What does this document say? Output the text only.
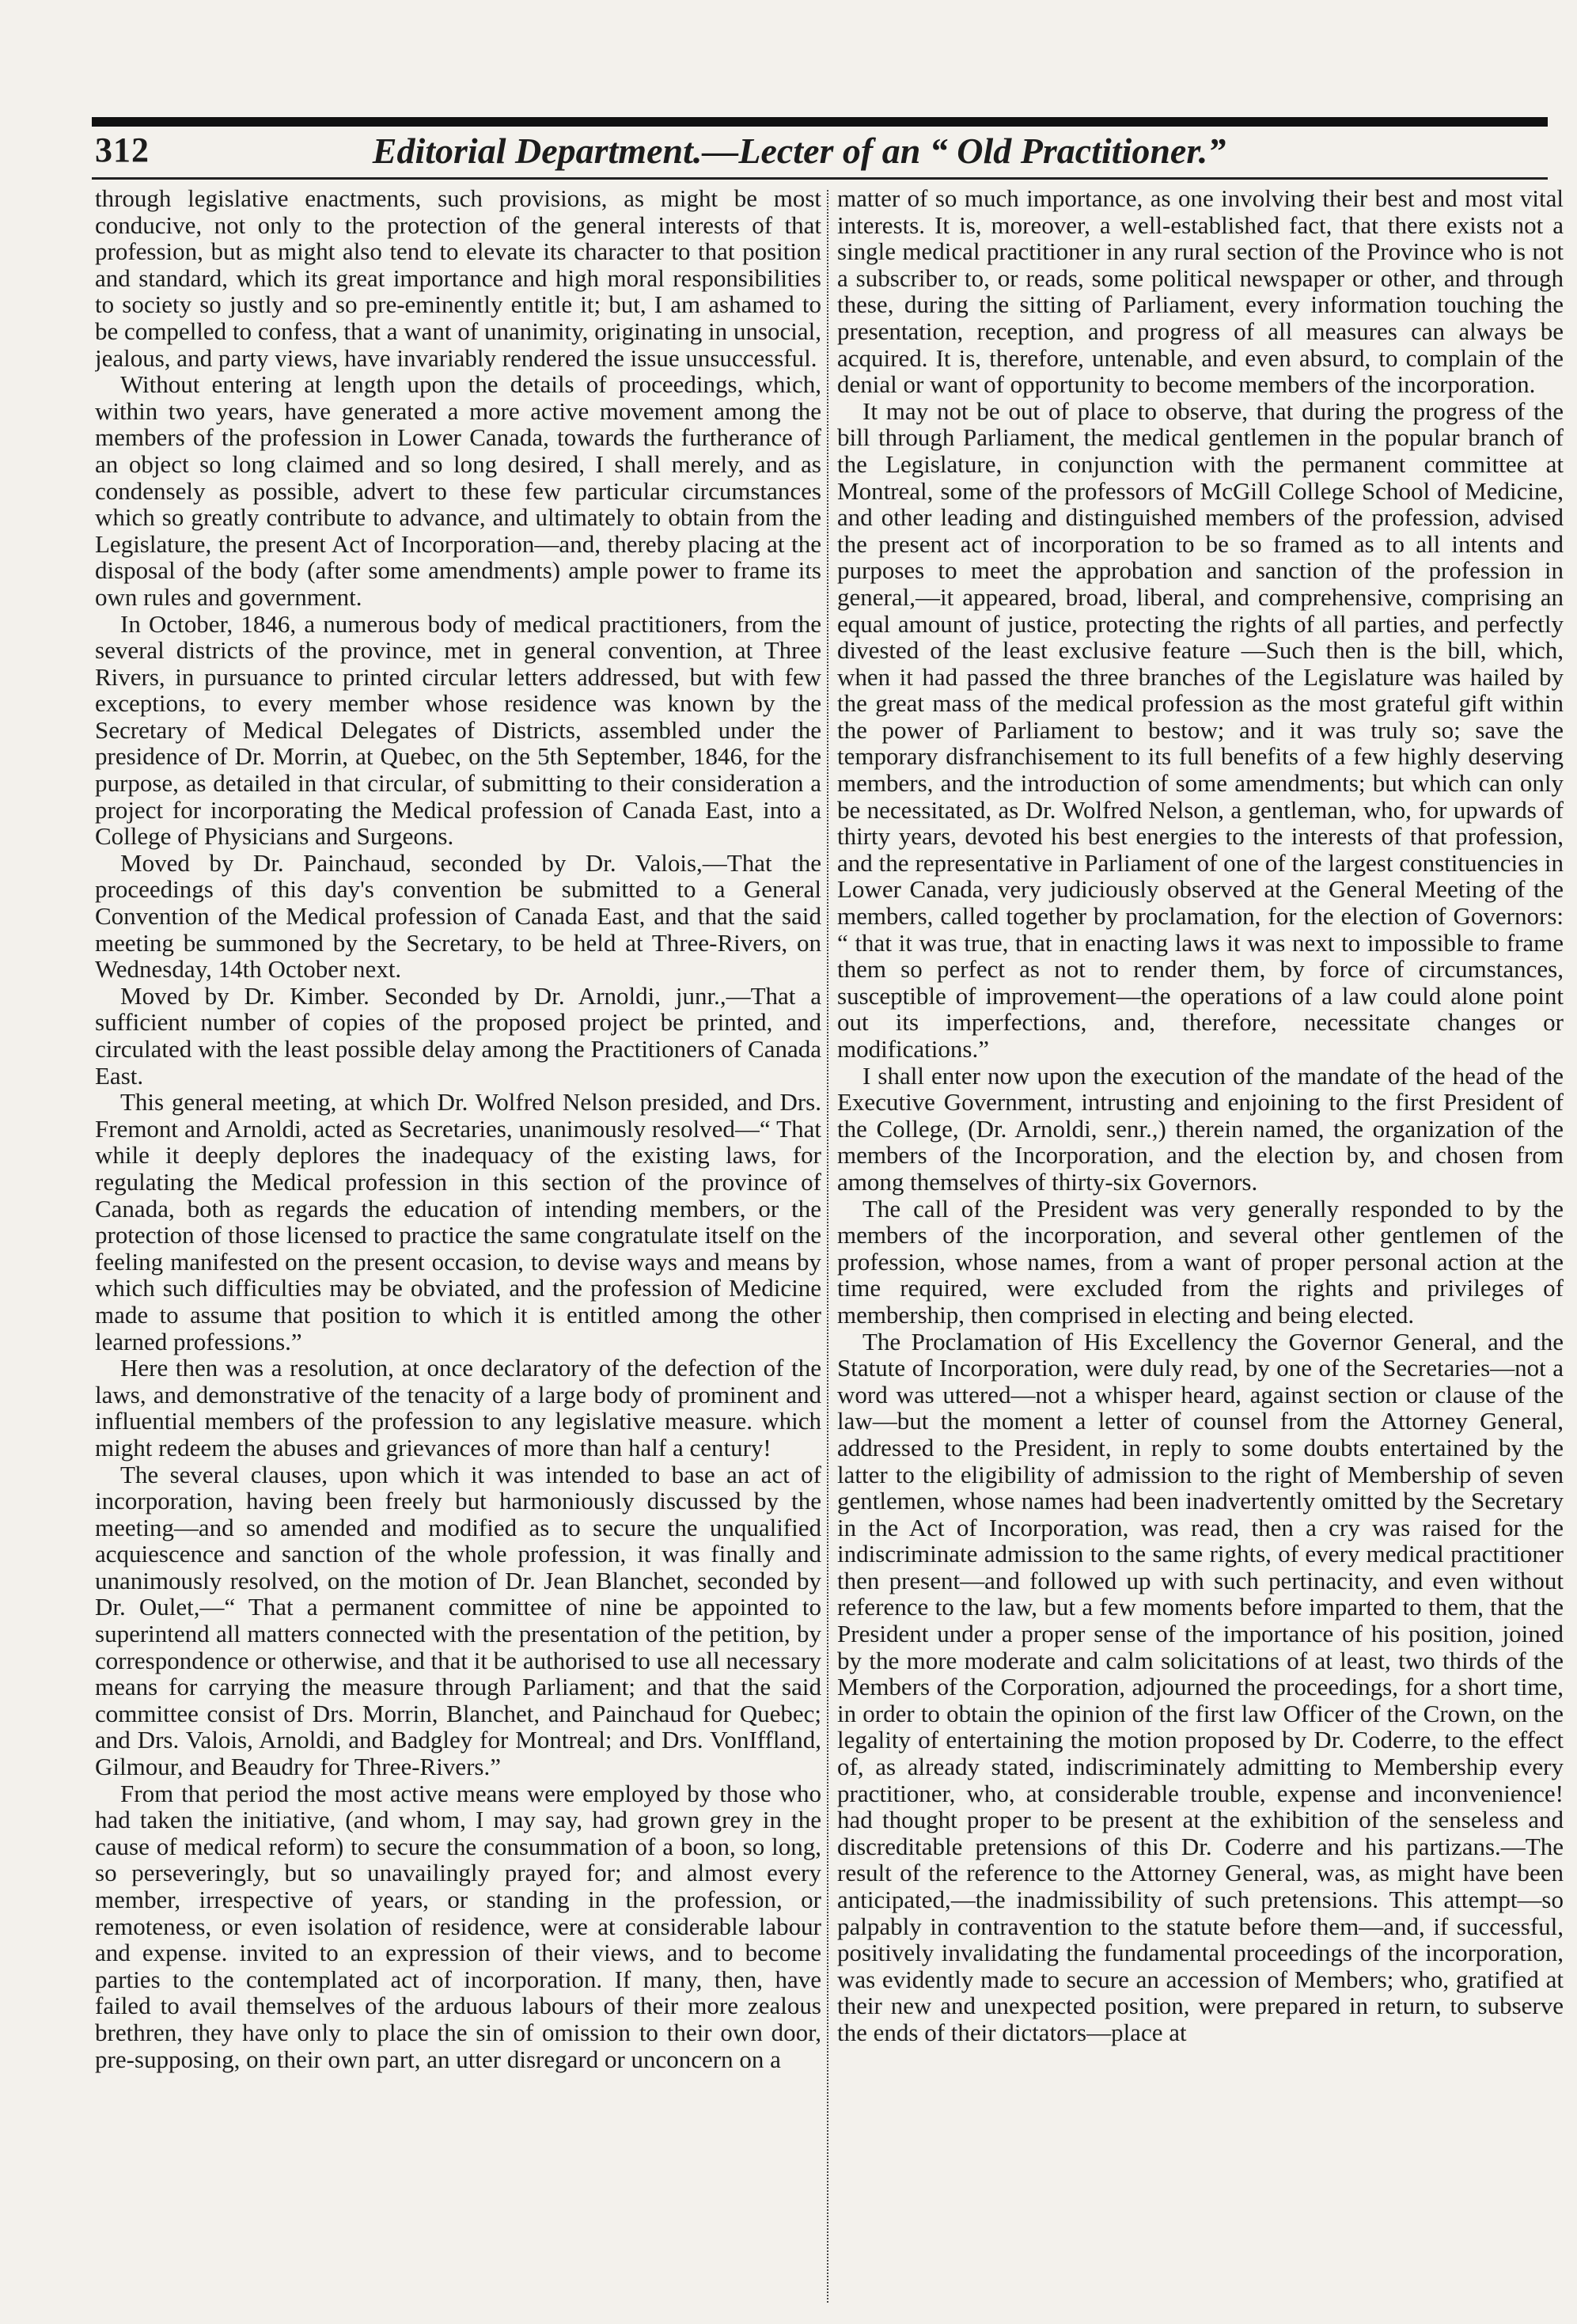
312	Editorial Department.—Lecter of an “ Old Practitioner.”

through legislative enactments, such provisions, as might be most conducive, not only to the protection of the general interests of that profession, but as might also tend to elevate its character to that position and standard, which its great importance and high moral responsibilities to society so justly and so pre-eminently entitle it; but, I am ashamed to be compelled to confess, that a want of unanimity, originating in unsocial, jealous, and party views, have invariably rendered the issue unsuccessful.

Without entering at length upon the details of proceedings, which, within two years, have generated a more active movement among the members of the profession in Lower Canada, towards the furtherance of an object so long claimed and so long desired, I shall merely, and as condensely as possible, advert to these few particular circumstances which so greatly contribute to advance, and ultimately to obtain from the Legislature, the present Act of Incorporation—and, thereby placing at the disposal of the body (after some amendments) ample power to frame its own rules and government.

In October, 1846, a numerous body of medical practitioners, from the several districts of the province, met in general convention, at Three Rivers, in pursuance to printed circular letters addressed, but with few exceptions, to every member whose residence was known by the Secretary of Medical Delegates of Districts, assembled under the presidence of Dr. Morrin, at Quebec, on the 5th September, 1846, for the purpose, as detailed in that circular, of submitting to their consideration a project for incorporating the Medical profession of Canada East, into a College of Physicians and Surgeons.

Moved by Dr. Painchaud, seconded by Dr. Valois,—That the proceedings of this day's convention be submitted to a General Convention of the Medical profession of Canada East, and that the said meeting be summoned by the Secretary, to be held at Three-Rivers, on Wednesday, 14th October next.

Moved by Dr. Kimber. Seconded by Dr. Arnoldi, junr.,—That a sufficient number of copies of the proposed project be printed, and circulated with the least possible delay among the Practitioners of Canada East.

This general meeting, at which Dr. Wolfred Nelson presided, and Drs. Fremont and Arnoldi, acted as Secretaries, unanimously resolved—“ That while it deeply deplores the inadequacy of the existing laws, for regulating the Medical profession in this section of the province of Canada, both as regards the education of intending members, or the protection of those licensed to practice the same congratulate itself on the feeling manifested on the present occasion, to devise ways and means by which such difficulties may be obviated, and the profession of Medicine made to assume that position to which it is entitled among the other learned professions.”

Here then was a resolution, at once declaratory of the defection of the laws, and demonstrative of the tenacity of a large body of prominent and influential members of the profession to any legislative measure. which might redeem the abuses and grievances of more than half a century!

The several clauses, upon which it was intended to base an act of incorporation, having been freely but harmoniously discussed by the meeting—and so amended and modified as to secure the unqualified acquiescence and sanction of the whole profession, it was finally and unanimously resolved, on the motion of Dr. Jean Blanchet, seconded by Dr. Oulet,—“ That a permanent committee of nine be appointed to superintend all matters connected with the presentation of the petition, by correspondence or otherwise, and that it be authorised to use all necessary means for carrying the measure through Parliament; and that the said committee consist of Drs. Morrin, Blanchet, and Painchaud for Quebec; and Drs. Valois, Arnoldi, and Badgley for Montreal; and Drs. VonIffland, Gilmour, and Beaudry for Three-Rivers.”

From that period the most active means were employed by those who had taken the initiative, (and whom, I may say, had grown grey in the cause of medical reform) to secure the consummation of a boon, so long, so perseveringly, but so unavailingly prayed for; and almost every member, irrespective of years, or standing in the profession, or remoteness, or even isolation of residence, were at considerable labour and expense. invited to an expression of their views, and to become parties to the contemplated act of incorporation. If many, then, have failed to avail themselves of the arduous labours of their more zealous brethren, they have only to place the sin of omission to their own door, pre-supposing, on their own part, an utter disregard or unconcern on a

matter of so much importance, as one involving their best and most vital interests. It is, moreover, a well-established fact, that there exists not a single medical practitioner in any rural section of the Province who is not a subscriber to, or reads, some political newspaper or other, and through these, during the sitting of Parliament, every information touching the presentation, reception, and progress of all measures can always be acquired. It is, therefore, untenable, and even absurd, to complain of the denial or want of opportunity to become members of the incorporation.

It may not be out of place to observe, that during the progress of the bill through Parliament, the medical gentlemen in the popular branch of the Legislature, in conjunction with the permanent committee at Montreal, some of the professors of McGill College School of Medicine, and other leading and distinguished members of the profession, advised the present act of incorporation to be so framed as to all intents and purposes to meet the approbation and sanction of the profession in general,—it appeared, broad, liberal, and comprehensive, comprising an equal amount of justice, protecting the rights of all parties, and perfectly divested of the least exclusive feature —Such then is the bill, which, when it had passed the three branches of the Legislature was hailed by the great mass of the medical profession as the most grateful gift within the power of Parliament to bestow; and it was truly so; save the temporary disfranchisement to its full benefits of a few highly deserving members, and the introduction of some amendments; but which can only be necessitated, as Dr. Wolfred Nelson, a gentleman, who, for upwards of thirty years, devoted his best energies to the interests of that profession, and the representative in Parliament of one of the largest constituencies in Lower Canada, very judiciously observed at the General Meeting of the members, called together by proclamation, for the election of Governors: “ that it was true, that in enacting laws it was next to impossible to frame them so perfect as not to render them, by force of circumstances, susceptible of improvement—the operations of a law could alone point out its imperfections, and, therefore, necessitate changes or modifications.”

I shall enter now upon the execution of the mandate of the head of the Executive Government, intrusting and enjoining to the first President of the College, (Dr. Arnoldi, senr.,) therein named, the organization of the members of the Incorporation, and the election by, and chosen from among themselves of thirty-six Governors.

The call of the President was very generally responded to by the members of the incorporation, and several other gentlemen of the profession, whose names, from a want of proper personal action at the time required, were excluded from the rights and privileges of membership, then comprised in electing and being elected.

The Proclamation of His Excellency the Governor General, and the Statute of Incorporation, were duly read, by one of the Secretaries—not a word was uttered—not a whisper heard, against section or clause of the law—but the moment a letter of counsel from the Attorney General, addressed to the President, in reply to some doubts entertained by the latter to the eligibility of admission to the right of Membership of seven gentlemen, whose names had been inadvertently omitted by the Secretary in the Act of Incorporation, was read, then a cry was raised for the indiscriminate admission to the same rights, of every medical practitioner then present—and followed up with such pertinacity, and even without reference to the law, but a few moments before imparted to them, that the President under a proper sense of the importance of his position, joined by the more moderate and calm solicitations of at least, two thirds of the Members of the Corporation, adjourned the proceedings, for a short time, in order to obtain the opinion of the first law Officer of the Crown, on the legality of entertaining the motion proposed by Dr. Coderre, to the effect of, as already stated, indiscriminately admitting to Membership every practitioner, who, at considerable trouble, expense and inconvenience! had thought proper to be present at the exhibition of the senseless and discreditable pretensions of this Dr. Coderre and his partizans.—The result of the reference to the Attorney General, was, as might have been anticipated,—the inadmissibility of such pretensions. This attempt—so palpably in contravention to the statute before them—and, if successful, positively invalidating the fundamental proceedings of the incorporation, was evidently made to secure an accession of Members; who, gratified at their new and unexpected position, were prepared in return, to subserve the ends of their dictators—place at
